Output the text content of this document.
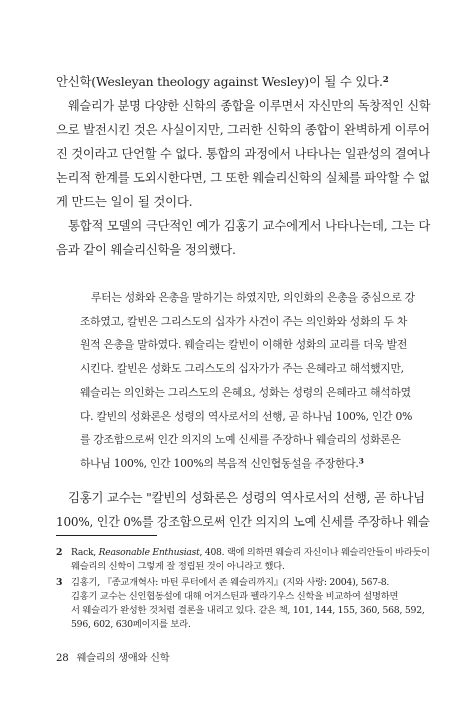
안신학(Wesleyan theology against Wesley)이 될 수 있다.$^2$
웨슬리가 분명 다양한 신학의 종합을 이루면서 자신만의 독창적인 신학
으로 발전시킨 것은 사실이지만, 그러한 신학의 종합이 완벽하게 이루어
진 것이라고 단언할 수 없다. 통합의 과정에서 나타나는 일관성의 결여나
논리적 한계를 도외시한다면, 그 또한 웨슬리신학의 실체를 파악할 수 없
게 만드는 일이 될 것이다.
통합적 모델의 극단적인 예가 김홍기 교수에게서 나타나는데, 그는 다
음과 같이 웨슬리신학을 정의했다.
루터는 성화와 은총을 말하기는 하였지만, 의인화의 은총을 중심으로 강
조하였고, 칼빈은 그리스도의 십자가 사건이 주는 의인화와 성화의 두 차
원적 은총을 말하였다. 웨슬리는 칼빈이 이해한 성화의 교리를 더욱 발전
시킨다. 칼빈은 성화도 그리스도의 십자가가 주는 은혜라고 해석했지만,
웨슬리는 의인화는 그리스도의 은혜요, 성화는 성령의 은혜라고 해석하였
다. 칼빈의 성화론은 성령의 역사로서의 선행, 곧 하나님 100%, 인간 0%
를 강조함으로써 인간 의지의 노예 신세를 주장하나 웨슬리의 성화론은
하나님 100%, 인간 100%의 복음적 신인협동설을 주장한다.$^3$
김홍기 교수는 "칼빈의 성화론은 성령의 역사로서의 선행, 곧 하나님
100%, 인간 0%를 강조함으로써 인간 의지의 노예 신세를 주장하나 웨슬
2 Rack, Reasonable Enthusiast, 408. 랙에 의하면 웨슬리 자신이나 웨슬리안들이 바라듯이
웨슬리의 신학이 그렇게 잘 정립된 것이 아니라고 했다.
3 김홍기, 『종교개혁사: 마틴 루터에서 존 웨슬리까지』(지와 사랑: 2004), 567-8.
김홍기 교수는 신인협동설에 대해 어거스틴과 펠라기우스 신학을 비교하여 설명하면
서 웨슬리가 완성한 것처럼 결론을 내리고 있다. 같은 책, 101, 144, 155, 360, 568, 592,
596, 602, 630페이지를 보라.
28 웨슬리의 생애와 신학
